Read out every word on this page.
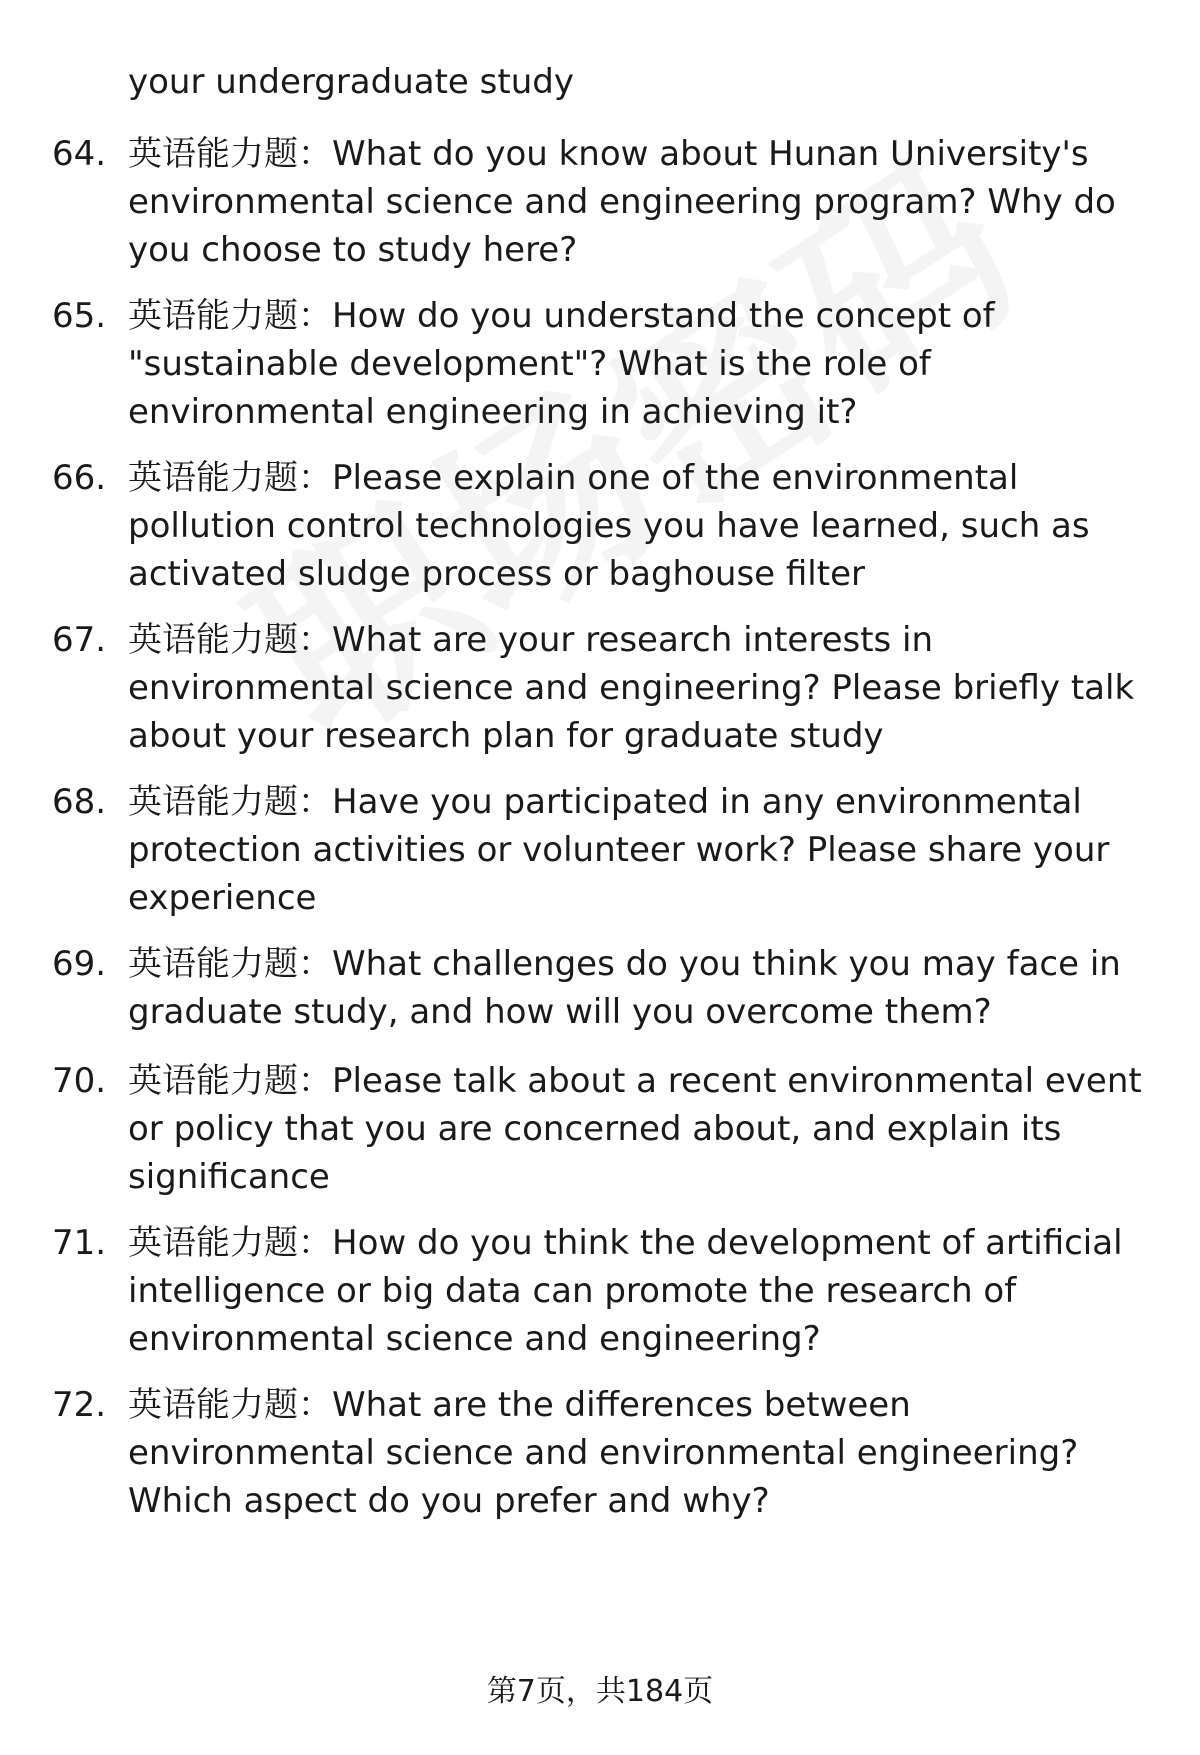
your undergraduate study
64. 英语能力题：What do you know about Hunan University's environmental science and engineering program? Why do you choose to study here?
65. 英语能力题：How do you understand the concept of "sustainable development"? What is the role of environmental engineering in achieving it?
66. 英语能力题：Please explain one of the environmental pollution control technologies you have learned, such as activated sludge process or baghouse filter
67. 英语能力题：What are your research interests in environmental science and engineering? Please briefly talk about your research plan for graduate study
68. 英语能力题：Have you participated in any environmental protection activities or volunteer work? Please share your experience
69. 英语能力题：What challenges do you think you may face in graduate study, and how will you overcome them?
70. 英语能力题：Please talk about a recent environmental event or policy that you are concerned about, and explain its significance
71. 英语能力题：How do you think the development of artificial intelligence or big data can promote the research of environmental science and engineering?
72. 英语能力题：What are the differences between environmental science and environmental engineering? Which aspect do you prefer and why?
第7页，共184页
